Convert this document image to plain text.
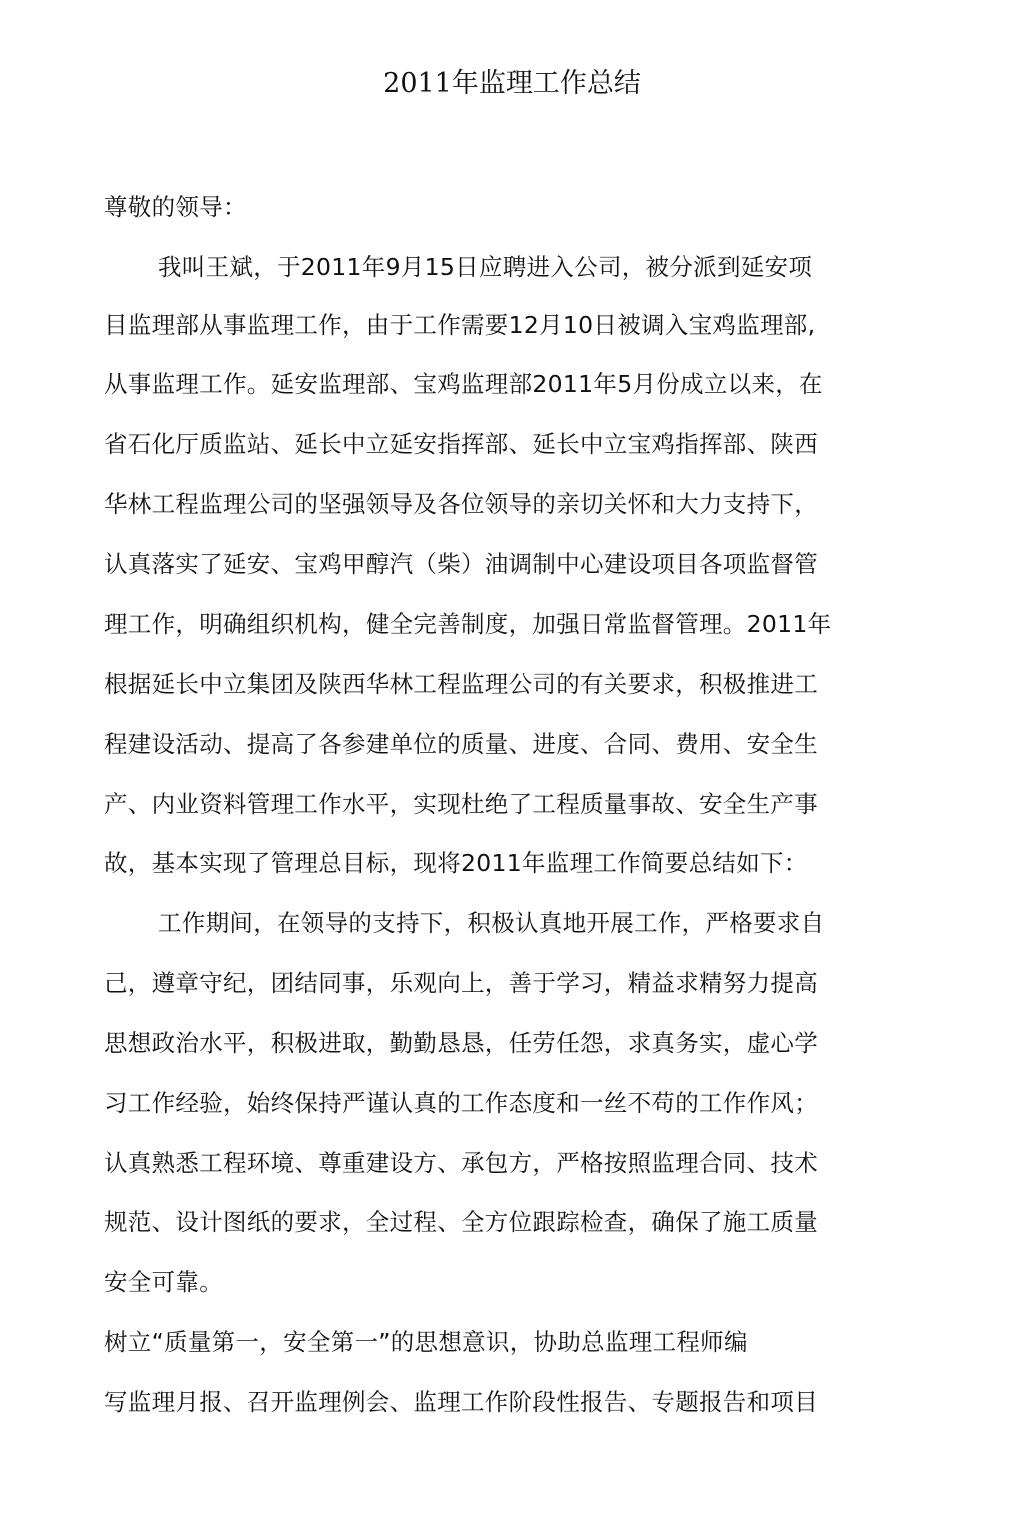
2011年监理工作总结
尊敬的领导：
我叫王斌，于2011年9月15日应聘进入公司，被分派到延安项
目监理部从事监理工作，由于工作需要12月10日被调入宝鸡监理部,
从事监理工作。延安监理部、宝鸡监理部2011年5月份成立以来，在
省石化厅质监站、延长中立延安指挥部、延长中立宝鸡指挥部、陕西
华林工程监理公司的坚强领导及各位领导的亲切关怀和大力支持下，
认真落实了延安、宝鸡甲醇汽（柴）油调制中心建设项目各项监督管
理工作，明确组织机构，健全完善制度，加强日常监督管理。2011年
根据延长中立集团及陕西华林工程监理公司的有关要求，积极推进工
程建设活动、提高了各参建单位的质量、进度、合同、费用、安全生
产、内业资料管理工作水平，实现杜绝了工程质量事故、安全生产事
故，基本实现了管理总目标，现将2011年监理工作简要总结如下：
工作期间，在领导的支持下，积极认真地开展工作，严格要求自
己，遵章守纪，团结同事，乐观向上，善于学习，精益求精努力提高
思想政治水平，积极进取，勤勤恳恳，任劳任怨，求真务实，虚心学
习工作经验，始终保持严谨认真的工作态度和一丝不苟的工作作风；
认真熟悉工程环境、尊重建设方、承包方，严格按照监理合同、技术
规范、设计图纸的要求，全过程、全方位跟踪检查，确保了施工质量
安全可靠。
树立“质量第一，安全第一”的思想意识，协助总监理工程师编
写监理月报、召开监理例会、监理工作阶段性报告、专题报告和项目
